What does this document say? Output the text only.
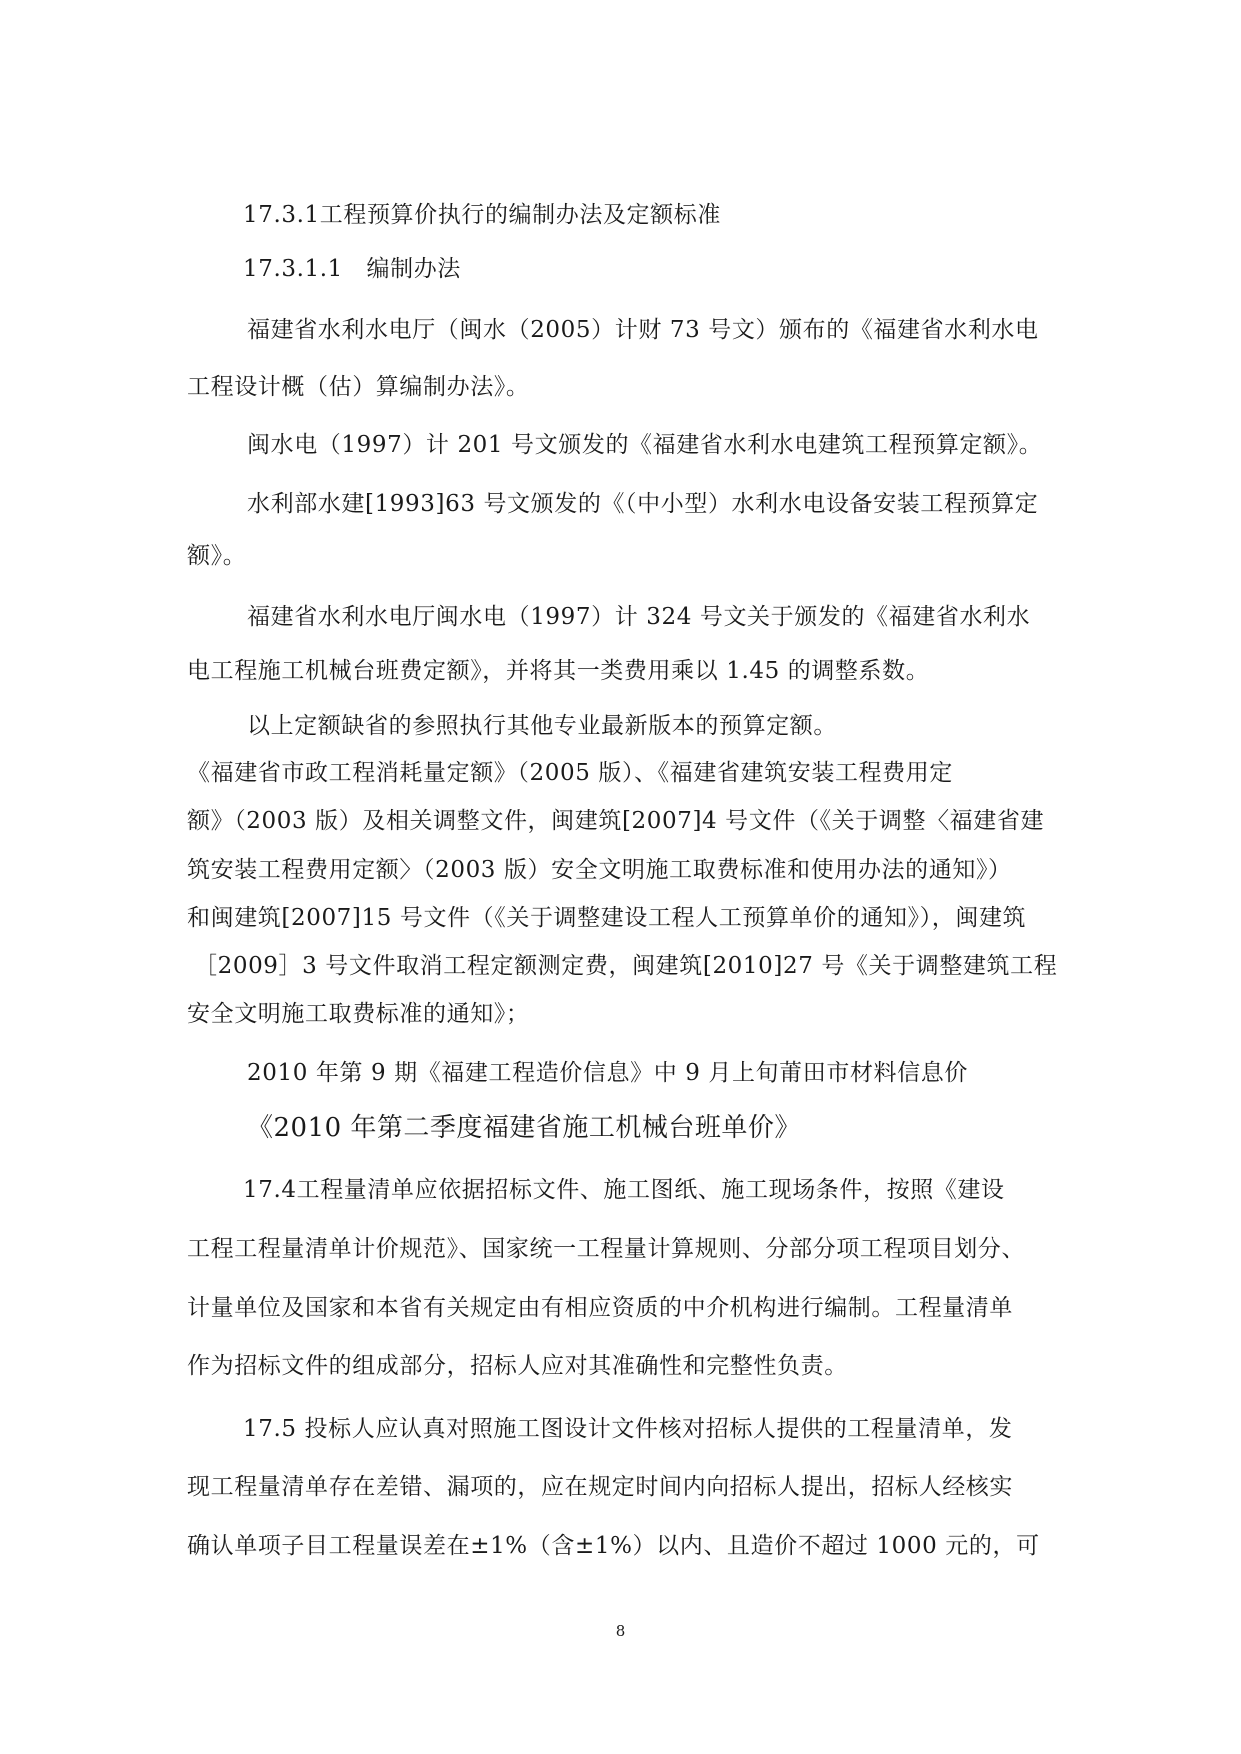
17.3.1工程预算价执行的编制办法及定额标准
17.3.1.1　编制办法
福建省水利水电厅（闽水（2005）计财 73 号文）颁布的《福建省水利水电
工程设计概（估）算编制办法》。
闽水电（1997）计 201 号文颁发的《福建省水利水电建筑工程预算定额》。
水利部水建[1993]63 号文颁发的《（中小型）水利水电设备安装工程预算定
额》。
福建省水利水电厅闽水电（1997）计 324 号文关于颁发的《福建省水利水
电工程施工机械台班费定额》，并将其一类费用乘以 1.45 的调整系数。
以上定额缺省的参照执行其他专业最新版本的预算定额。
《福建省市政工程消耗量定额》（2005 版）、《福建省建筑安装工程费用定
额》（2003 版）及相关调整文件，闽建筑[2007]4 号文件（《关于调整〈福建省建
筑安装工程费用定额〉（2003 版）安全文明施工取费标准和使用办法的通知》）
和闽建筑[2007]15 号文件（《关于调整建设工程人工预算单价的通知》），闽建筑
［2009］3 号文件取消工程定额测定费，闽建筑[2010]27 号《关于调整建筑工程
安全文明施工取费标准的通知》；
2010 年第 9 期《福建工程造价信息》中 9 月上旬莆田市材料信息价
《2010 年第二季度福建省施工机械台班单价》
17.4工程量清单应依据招标文件、施工图纸、施工现场条件，按照《建设
工程工程量清单计价规范》、国家统一工程量计算规则、分部分项工程项目划分、
计量单位及国家和本省有关规定由有相应资质的中介机构进行编制。工程量清单
作为招标文件的组成部分，招标人应对其准确性和完整性负责。
17.5 投标人应认真对照施工图设计文件核对招标人提供的工程量清单，发
现工程量清单存在差错、漏项的，应在规定时间内向招标人提出，招标人经核实
确认单项子目工程量误差在±1%（含±1%）以内、且造价不超过 1000 元的，可
8
